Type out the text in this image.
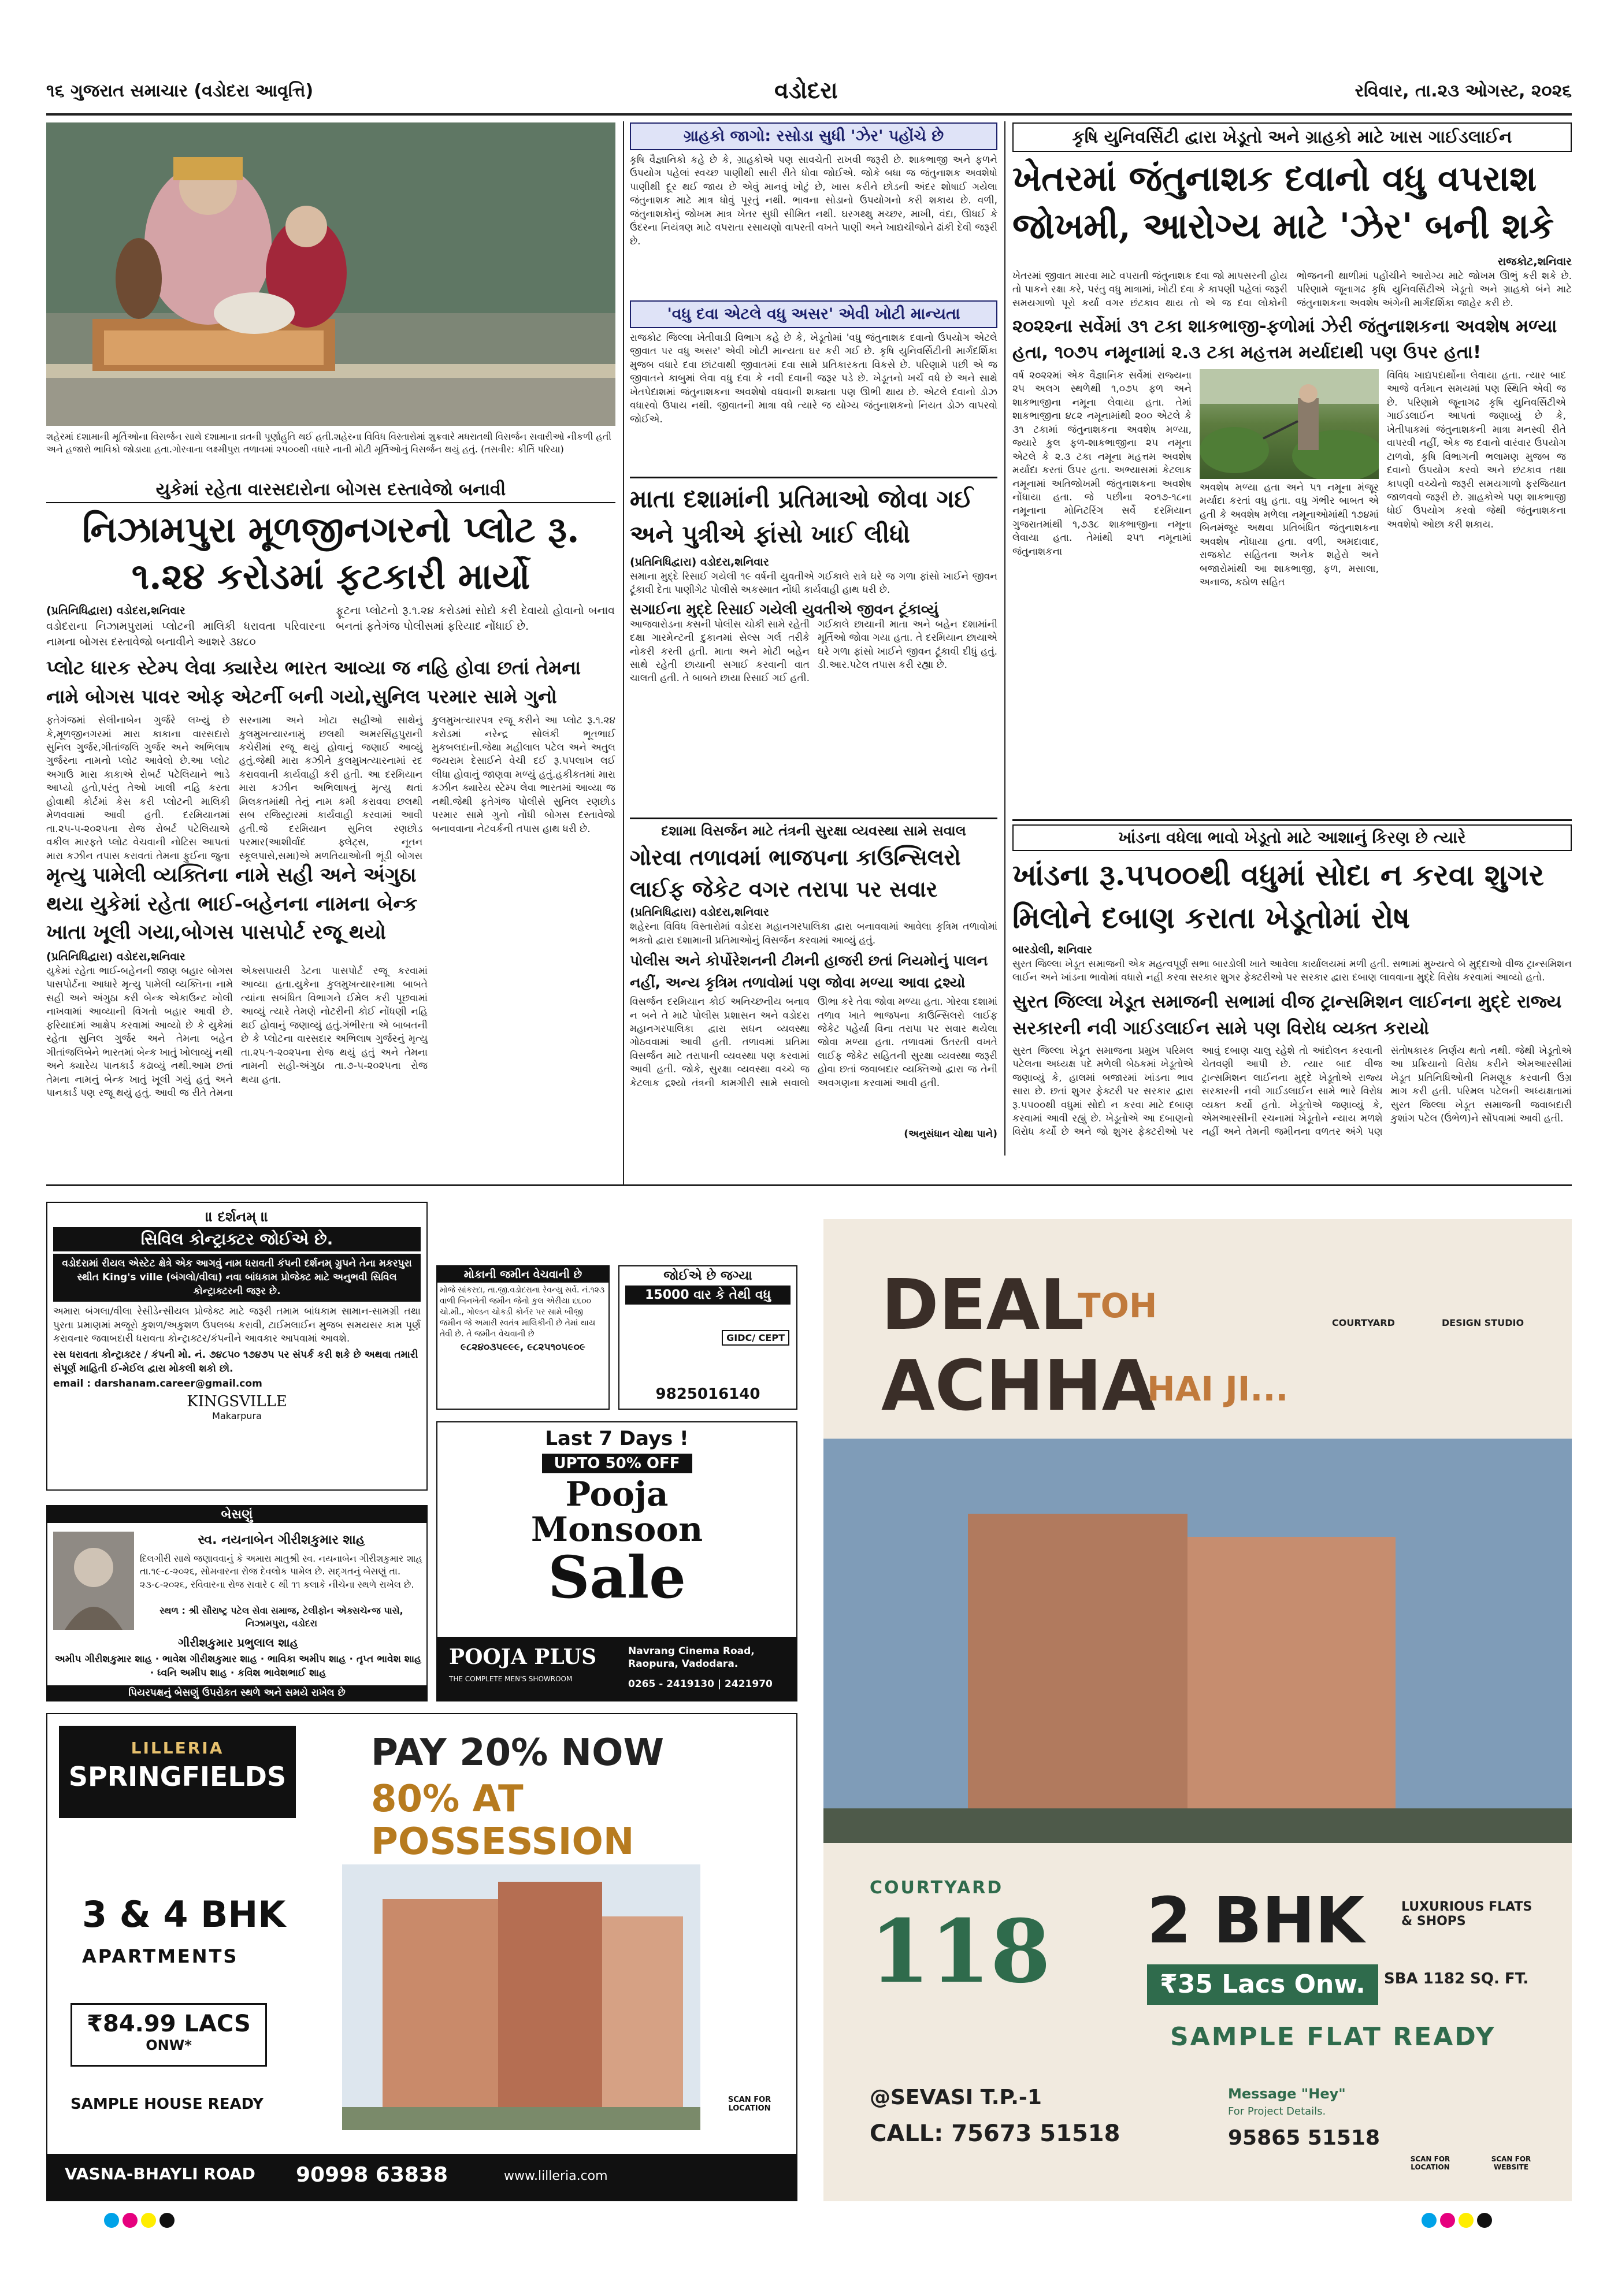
૧૬ ગુજરાત સમાચાર (વડોદરા આવૃત્તિ)	વડોદરા	રવિવાર, તા.૨૩ ઓગસ્ટ, ૨૦૨૬
શહેરમાં દશામાની મૂર્તિઓના વિસર્જન સાથે દશામાના વ્રતની પૂર્ણાહુતિ થઈ હતી.શહેરના વિવિધ વિસ્તારોમાં શુક્રવારે મધરાતથી વિસર્જન સવારીઓ નીકળી હતી અને હજારો ભાવિકો જોડાયા હતા.ગોરવાના લક્ષ્મીપુરા તળાવમાં ૨૫૦૦થી વધારે નાની મોટી મૂર્તિઓનું વિસર્જન થયું હતું. (તસવીર: કીર્તિ પરિયા)
યુકેમાં રહેતા વારસદારોના બોગસ દસ્તાવેજો બનાવી
નિઝામપુરા મૂળજીનગરનો પ્લોટ રૂ. ૧.૨૪ કરોડમાં ફટકારી માર્યો
(પ્રતિનિધિદ્વારા) વડોદરા,શનિવાર
વડોદરાના નિઝામપુરામાં પ્લોટની માલિકી ધરાવતા પરિવારના નામના બોગસ દસ્તાવેજો બનાવીને આશરે ૩૪૮૦
ફૂટના પ્લોટનો રૂ.૧.૨૪ કરોડમાં સોદો કરી દેવાયો હોવાનો બનાવ બનતાં ફતેગંજ પોલીસમાં ફરિયાદ નોંધાઈ છે.
પ્લોટ ધારક સ્ટેમ્પ લેવા ક્યારેય ભારત આવ્યા જ નહિ હોવા છતાં તેમના નામે બોગસ પાવર ઓફ એટર્ની બની ગયો,સુનિલ પરમાર સામે ગુનો
ફતેગંજમાં સેલીનાબેન ગુર્જરે લખ્યું છે કે,મૂળજીનગરમાં મારા કાકાના વારસદારો સુનિલ ગુર્જર,ગીતાંજલિ ગુર્જર અને અભિલાષ ગુર્જરના નામનો પ્લોટ આવેલો છે.આ પ્લોટ અગાઉ મારા કાકાએ રોબર્ટ પટેલિયાને ભાડે આપ્યો હતો,પરંતુ તેઓ ખાલી નહિ કરતા હોવાથી કોર્ટમાં કેસ કરી પ્લોટની માલિકી મેળવવામાં આવી હતી. દરમિયાનમાં તા.૨૫-૫-૨૦૨૫ના રોજ રોબર્ટ પટેલિયાએ વકીલ મારફતે પ્લોટ વેચવાની નોટિસ આપતાં મારા કઝીન તપાસ કરાવતાં તેમના ફુઈના જુના સરનામા અને ખોટા સહીઓ સાથેનું કુલમુખત્યારનામું છલથી અમરસિંહપુરાની કચેરીમાં રજૂ થયું હોવાનું જણાઈ આવ્યું હતું.જેથી મારા કઝીને કુલમુખત્યારનામાં રદ કરાવવાની કાર્યવાહી કરી હતી. આ દરમિયાન મારા કઝીન અભિલાષનું મૃત્યુ થતાં મિલકતમાંથી તેનું નામ કમી કરાવવા છલથી સબ રજિસ્ટ્રારમાં કાર્યવાહી કરવામાં આવી હતી.જે દરમિયાન સુનિલ રણછોડ પરમાર(આશીર્વાદ ફ્લેટ્સ, નૂતન સ્કૂલપાસે,સમા)એ મળતિયાઓની ભૂંડી બોગસ કુલમુખત્યારપત્ર રજૂ કરીને આ પ્લોટ રૂ.૧.૨૪ કરોડમાં નરેન્દ્ર સોલંકી ભૂતભાઈ મુકબલદાની.જેથા મહીલાલ પટેલ અને અતુલ જયરામ દેસાઈને વેચી દઈ રૂ.૫૫લાખ લઈ લીધા હોવાનું જાણવા મળ્યું હતું.હકીકતમાં મારા કઝીન ક્યારેય સ્ટેમ્પ લેવા ભારતમાં આવ્યા જ નથી.જેથી ફતેગંજ પોલીસે સુનિલ રણછોડ પરમાર સામે ગુનો નોંધી બોગસ દસ્તાવેજો બનાવવાના નેટવર્કની તપાસ હાથ ધરી છે.
મૃત્યુ પામેલી વ્યક્તિના નામે સહી અને અંગુઠા થયા યુકેમાં રહેતા ભાઈ-બહેનના નામના બેન્ક ખાતા ખૂલી ગયા,બોગસ પાસપોર્ટ રજૂ થયો
(પ્રતિનિધિદ્વારા) વડોદરા,શનિવાર
યુકેમાં રહેતા ભાઈ-બહેનની જાણ બહાર બોગસ પાસપોર્ટના આધારે મૃત્યુ પામેલી વ્યક્તિના નામે સહી અને અંગુઠા કરી બેન્ક એકાઉન્ટ ખોલી નાખવામાં આવ્યાની વિગતો બહાર આવી છે. ફરિયાદમાં આક્ષેપ કરવામાં આવ્યો છે કે યુકેમાં રહેતા સુનિલ ગુર્જર અને તેમના બહેન ગીતાંજલિબેને ભારતમાં બેન્ક ખાતું ખોલાવ્યું નથી અને ક્યારેય પાનકાર્ડ કઢાવ્યું નથી.આમ છતાં તેમના નામનું બેન્ક ખાતું ખૂલી ગયું હતું અને પાનકાર્ડ પણ રજૂ થયું હતું. આવી જ રીતે તેમના એક્સપાયરી ડેટના પાસપોર્ટ રજૂ કરવામાં આવ્યા હતા.યુકેના કુલમુખત્યારનામા બાબતે ત્યાંના સબંધિત વિભાગને ઈમેલ કરી પૂછવામાં આવ્યું ત્યારે તેમણે નોટરીની કોઈ નોંધણી નહિ થઈ હોવાનું જણાવ્યું હતું.ગંભીરતા એ બાબતની છે કે પ્લોટના વારસદાર અભિલાષ ગુર્જરનું મૃત્યુ તા.૨૫-૧-૨૦૨૫ના રોજ થયું હતું અને તેમના નામની સહી-અંગુઠા તા.૭-૫-૨૦૨૫ના રોજ થયા હતા.
ગ્રાહકો જાગો: રસોડા સુધી 'ઝેર' પહોંચે છે
કૃષિ વૈજ્ઞાનિકો કહે છે કે, ગ્રાહકોએ પણ સાવચેતી રાખવી જરૂરી છે. શાકભાજી અને ફળને ઉપયોગ પહેલાં સ્વચ્છ પાણીથી સારી રીતે ધોવા જોઈએ. જોકે બધા જ જંતુનાશક અવશેષો પાણીથી દૂર થઈ જાય છે એવું માનવું ખોટું છે, ખાસ કરીને છોડની અંદર શોષાઈ ગયેલા જંતુનાશક માટે માત્ર ધોવું પૂરતું નથી. ભાવના સોડાનો ઉપયોગનો કરી શકાય છે. વળી, જંતુનાશકોનું જોખમ માત્ર ખેતર સુધી સીમિત નથી. ઘરગથ્થુ મચ્છર, માખી, વંદા, ઊધઈ કે ઉંદરના નિયંત્રણ માટે વપરાતા રસાયણો વાપરતી વખતે પાણી અને ખાદ્યચીજોને ઢાંકી દેવી જરૂરી છે.
'વધુ દવા એટલે વધુ અસર' એવી ખોટી માન્યતા
રાજકોટ જિલ્લા ખેતીવાડી વિભાગ કહે છે કે, ખેડૂતોમાં 'વધુ જંતુનાશક દવાનો ઉપયોગ એટલે જીવાત પર વધુ અસર' એવી ખોટી માન્યતા ઘર કરી ગઈ છે. કૃષિ યુનિવર્સિટીની માર્ગદર્શિકા મુજબ વધારે દવા છાંટવાથી જીવાતમાં દવા સામે પ્રતિકારકતા વિકસે છે. પરિણામે પછી એ જ જીવાતને કાબુમાં લેવા વધુ દવા કે નવી દવાની જરૂર પડે છે. ખેડૂતનો ખર્ચ વધે છે અને સાથે ખેતપેદાશમાં જંતુનાશકના અવશેષો વધવાની શક્યતા પણ ઊભી થાય છે. એટલે દવાનો ડોઝ વધારવો ઉપાય નથી. જીવાતની માત્રા વધે ત્યારે જ યોગ્ય જંતુનાશકનો નિયત ડોઝ વાપરવો જોઈએ.
માતા દશામાંની પ્રતિમાઓ જોવા ગઈ અને પુત્રીએ ફાંસો ખાઈ લીધો
(પ્રતિનિધિદ્વારા) વડોદરા,શનિવાર
સમાના મુદ્દે રિસાઈ ગયેલી ૧૯ વર્ષની યુવતીએ ગઈકાલે રાત્રે ઘરે જ ગળા ફાંસો ખાઈને જીવન ટૂંકાવી દેતા પાણીગેટ પોલીસે અકસ્માત નોંધી કાર્યવાહી હાથ ધરી છે.
સગાઈના મુદ્દે રિસાઈ ગયેલી યુવતીએ જીવન ટૂંકાવ્યું
આજવારોડના કસની પોલીસ ચોકી સામે રહેતી દક્ષા ગારમેન્ટની દુકાનમાં સેલ્સ ગર્લ તરીકે નોકરી કરતી હતી. માતા અને મોટી બહેન સાથે રહેતી છાયાની સગાઈ કરવાની વાત ચાલતી હતી. તે બાબતે છાયા રિસાઈ ગઈ હતી. ગઈકાલે છાયાની માતા અને બહેન દશામાંની મૂર્તિઓ જોવા ગયા હતા. તે દરમિયાન છાયાએ ઘરે ગળા ફાંસો ખાઈને જીવન ટૂંકાવી દીધું હતું. ડી.આર.પટેલ તપાસ કરી રહ્યા છે.
દશામા વિસર્જન માટે તંત્રની સુરક્ષા વ્યવસ્થા સામે સવાલ
ગોરવા તળાવમાં ભાજપના કાઉન્સિલરો લાઈફ જેકેટ વગર તરાપા પર સવાર
(પ્રતિનિધિદ્વારા) વડોદરા,શનિવાર
શહેરના વિવિધ વિસ્તારોમાં વડોદરા મહાનગરપાલિકા દ્વારા બનાવવામાં આવેલા કૃત્રિમ તળાવોમાં ભક્તો દ્વારા દશામાની પ્રતિમાઓનું વિસર્જન કરવામાં આવ્યું હતું.
પોલીસ અને કોર્પોરેશનની ટીમની હાજરી છતાં નિયમોનું પાલન નહીં, અન્ય કૃત્રિમ તળાવોમાં પણ જોવા મળ્યા આવા દ્રશ્યો
વિસર્જન દરમિયાન કોઈ અનિચ્છનીય બનાવ ન બને તે માટે પોલીસ પ્રશાસન અને વડોદરા મહાનગરપાલિકા દ્વારા સઘન વ્યવસ્થા ગોઠવવામાં આવી હતી. તળાવમાં પ્રતિમા વિસર્જન માટે તરાપાની વ્યવસ્થા પણ કરવામાં આવી હતી. જોકે, સુરક્ષા વ્યવસ્થા વચ્ચે જ કેટલાક દ્રશ્યો તંત્રની કામગીરી સામે સવાલો ઊભા કરે તેવા જોવા મળ્યા હતા. ગોરવા દશામાં તળાવ ખાતે ભાજપના કાઉન્સિલરો લાઈફ જેકેટ પહેર્યા વિના તરાપા પર સવાર થયેલા જોવા મળ્યા હતા. તળાવમાં ઉતરતી વખતે લાઈફ જેકેટ સહિતની સુરક્ષા વ્યવસ્થા જરૂરી હોવા છતાં જવાબદાર વ્યક્તિઓ દ્વારા જ તેની અવગણના કરવામાં આવી હતી.
(અનુસંધાન ચોથા પાને)
કૃષિ યુનિવર્સિટી દ્વારા ખેડૂતો અને ગ્રાહકો માટે ખાસ ગાઈડલાઈન
ખેતરમાં જંતુનાશક દવાનો વધુ વપરાશ જોખમી, આરોગ્ય માટે 'ઝેર' બની શકે
રાજકોટ,શનિવાર
ખેતરમાં જીવાત મારવા માટે વપરાતી જંતુનાશક દવા જો માપસરની હોય તો પાકને રક્ષા કરે, પરંતુ વધુ માત્રામાં, ખોટી દવા કે કાપણી પહેલાં જરૂરી સમયગાળો પૂરો કર્યા વગર છંટકાવ થાય તો એ જ દવા લોકોની ભોજનની થાળીમાં પહોંચીને આરોગ્ય માટે જોખમ ઊભું કરી શકે છે. પરિણામે જૂનાગઢ કૃષિ યુનિવર્સિટીએ ખેડૂતો અને ગ્રાહકો બંને માટે જંતુનાશકના અવશેષ અંગેની માર્ગદર્શિકા જાહેર કરી છે.
૨૦૨૨ના સર્વેમાં ૩૧ ટકા શાકભાજી-ફળોમાં ઝેરી જંતુનાશકના અવશેષ મળ્યા હતા, ૧૦૭૫ નમૂનામાં ૨.૩ ટકા મહત્તમ મર્યાદાથી પણ ઉપર હતા!
વર્ષ ૨૦૨૨માં એક વૈજ્ઞાનિક સર્વેમાં રાજ્યના ૨૫ અલગ સ્થળેથી ૧,૦૭૫ ફળ અને શાકભાજીના નમૂના લેવાયા હતા. તેમાં શાકભાજીના ૪૮૨ નમૂનામાંથી ૨૦૦ એટલે કે ૩૧ ટકામાં જંતુનાશકના અવશેષ મળ્યા, જ્યારે કુલ ફળ-શાકભાજીના ૨૫ નમૂના એટલે કે ૨.૩ ટકા નમૂના મહત્તમ અવશેષ મર્યાદા કરતાં ઉપર હતા. અભ્યાસમાં કેટલાક નમૂનામાં અતિજોખમી જંતુનાશકના અવશેષ નોંધાયા હતા. જે પછીના ૨૦૧૭-૧૮ના નમૂનાના મોનિટરિંગ સર્વે દરમિયાન ગુજરાતમાંથી ૧,૭૩૮ શાકભાજીના નમૂના લેવાયા હતા. તેમાંથી ૨૫૧ નમૂનામાં જંતુનાશકના
અવશેષ મળ્યા હતા અને ૫૧ નમૂના મંજૂર મર્યાદા કરતાં વધુ હતા. વધુ ગંભીર બાબત એ હતી કે અવશેષ મળેલા નમૂનાઓમાંથી ૧૭૪માં બિનમંજૂર અથવા પ્રતિબંધિત જંતુનાશકના અવશેષ નોંધાયા હતા. વળી, અમદાવાદ, રાજકોટ સહિતના અનેક શહેરો અને બજારોમાંથી આ શાકભાજી, ફળ, મસાલા, અનાજ, કઠોળ સહિત
વિવિધ ખાદ્યપદાર્થોના લેવાયા હતા. ત્યાર બાદ આજે વર્તમાન સમયમાં પણ સ્થિતિ એવી જ છે. પરિણામે જૂનાગઢ કૃષિ યુનિવર્સિટીએ ગાઈડલાઈન આપતાં જણાવ્યું છે કે, ખેતીપાકમાં જંતુનાશકની માત્રા મનસ્વી રીતે વાપરવી નહીં, એક જ દવાનો વારંવાર ઉપયોગ ટાળવો, કૃષિ વિભાગની ભલામણ મુજબ જ દવાનો ઉપયોગ કરવો અને છંટકાવ તથા કાપણી વચ્ચેનો જરૂરી સમયગાળો ફરજિયાત જાળવવો જરૂરી છે. ગ્રાહકોએ પણ શાકભાજી ધોઈ ઉપયોગ કરવો જેથી જંતુનાશકના અવશેષો ઓછા કરી શકાય.
ખાંડના વધેલા ભાવો ખેડૂતો માટે આશાનું કિરણ છે ત્યારે
ખાંડના રૂ.૫૫૦૦થી વધુમાં સોદા ન કરવા શુગર મિલોને દબાણ કરાતા ખેડૂતોમાં રોષ
બારડોલી, શનિવાર
સુરત જિલ્લા ખેડૂત સમાજની એક મહત્વપૂર્ણ સભા બારડોલી ખાતે આવેલા કાર્યાલયમાં મળી હતી. સભામાં મુખ્યત્વે બે મુદ્દાઓ વીજ ટ્રાન્સમિશન લાઈન અને ખાંડના ભાવોમાં વધારો નહી કરવા સરકાર શુગર ફેક્ટરીઓ પર સરકાર દ્વારા દબાણ લાવવાના મુદ્દે વિરોધ કરવામાં આવ્યો હતો.
સુરત જિલ્લા ખેડૂત સમાજની સભામાં વીજ ટ્રાન્સમિશન લાઈનના મુદ્દે રાજ્ય સરકારની નવી ગાઈડલાઈન સામે પણ વિરોધ વ્યક્ત કરાયો
સુરત જિલ્લા ખેડૂત સમાજના પ્રમુખ પરિમલ પટેલના અધ્યક્ષ પદે મળેલી બેઠકમાં ખેડૂતોએ જણાવ્યું કે, હાલમાં બજારમાં ખાંડના ભાવ સારા છે. છતાં શુગર ફેક્ટરી પર સરકાર દ્વારા રૂ.૫૫૦૦થી વધુમાં સોદો ન કરવા માટે દબાણ કરવામાં આવી રહ્યું છે. ખેડૂતોએ આ દબાણનો વિરોધ કર્યો છે અને જો શુગર ફેક્ટરીઓ પર આવું દબાણ ચાલુ રહેશે તો આંદોલન કરવાની ચેતવણી આપી છે. ત્યાર બાદ વીજ ટ્રાન્સમિશન લાઈનના મુદ્દે ખેડૂતોએ રાજ્ય સરકારની નવી ગાઈડલાઈન સામે ભારે વિરોધ વ્યક્ત કર્યો હતો. ખેડૂતોએ જણાવ્યું કે, એમઆરસીની રચનામાં ખેડૂતોને ન્યાય મળશે નહીં અને તેમની જમીનના વળતર અંગે પણ સંતોષકારક નિર્ણય થતો નથી. જેથી ખેડૂતોએ આ પ્રક્રિયાનો વિરોધ કરીને એમઆરસીમાં ખેડૂત પ્રતિનિધિઓની નિમણૂક કરવાની ઉગ્ર માગ કરી હતી. પરિમલ પટેલની અધ્યક્ષતામાં સુરત જિલ્લા ખેડૂત સમાજની જવાબદારી કુશાંગ પટેલ (ઉંભેળ)ને સોંપવામાં આવી હતી.
॥ દર્શનમ્ ॥
સિવિલ કોન્ટ્રાક્ટર જોઈએ છે.
વડોદરામાં રીયલ એસ્ટેટ ક્ષેત્રે એક આગવું નામ ધરાવતી કંપની દર્શનમ્ ગ્રુપને તેના મકરપુરા સ્થીત King's ville (બંગલો/વીલા) નવા બાંધકામ પ્રોજેક્ટ માટે અનુભવી સિવિલ કોન્ટ્રાક્ટરની જરૂર છે.
અમારા બંગલા/વીલા રેસીડેન્સીયલ પ્રોજેક્ટ માટે જરૂરી તમામ બાંધકામ સામાન-સામગ્રી તથા પુરતા પ્રમાણમાં મજૂરો કુશળ/અકુશળ ઉપલબ્ધ કરાવી, ટાઈમલાઈન મુજબ સમયસર કામ પૂર્ણ કરાવનાર જવાબદારી ધરાવતા કોન્ટ્રાક્ટર/કંપનીને આવકાર આપવામાં આવશે.
રસ ધરાવતા કોન્ટ્રાક્ટર / કંપની મો. નં. ૭૪૮૫૦ ૧૭૪૭૫ પર સંપર્ક કરી શકે છે અથવા તમારી સંપૂર્ણ માહિતી ઈ-મેઈલ દ્વારા મોકલી શકો છો.
email : darshanam.career@gmail.com
KINGSVILLE
Makarpura
બેસણું
સ્વ. નયનાબેન ગીરીશકુમાર શાહ
દિલગીરી સાથે જણાવવાનું કે અમારા માતુશ્રી સ્વ. નયનાબેન ગીરીશકુમાર શાહ તા.૧૯-૮-૨૦૨૬, સોમવારના રોજ દેવલોક પામેલ છે. સદ્ગતનું બેસણું તા. ૨૩-૮-૨૦૨૬, રવિવારના રોજ સવારે ૯ થી ૧૧ કલાકે નીચેના સ્થળે રાખેલ છે.
સ્થળ : શ્રી સૌરાષ્ટ્ર પટેલ સેવા સમાજ, ટેલીફોન એક્સચેન્જ પાસે, નિઝામપુરા, વડોદરા
ગીરીશકુમાર પ્રભુલાલ શાહ
અમીપ ગીરીશકુમાર શાહ · ભાવેશ ગીરીશકુમાર શાહ · ભાવિકા અમીપ શાહ · તૃપ્ત ભાવેશ શાહ · ધ્વનિ અમીપ શાહ · કવિશ ભાવેશભાઈ શાહ
પિયરપક્ષનું બેસણું ઉપરોકત સ્થળે અને સમયે રાખેલ છે
મોકાની જમીન વેચવાની છે
મોજે સાંકરદા, તા.જી.વડોદરાના રેવન્યુ સર્વે. નં.૧૨૩ વાળી બિનખેતી જમીન જેનો કુલ એરીયા ૬૬૦૦ ચો.મી., ગોલ્ડન ચોકડી કોર્નર પર સામે બીજી જમીન જે અમારી સ્વતંત્ર માલિકીની છે તેમાં થાય તેવી છે. તે જમીન વેચવાની છે
૯૮૨૪૦૩૫૯૯૯, ૯૮૨૫૧૦૫૯૦૯
જોઈએ છે જગ્યા
15000 વાર કે તેથી વધુ
GIDC/ CEPT
9825016140
Last 7 Days !
UPTO 50% OFF
Pooja
Monsoon
Sale
POOJA PLUS
THE COMPLETE MEN'S SHOWROOM
Navrang Cinema Road, Raopura, Vadodara.
0265 - 2419130 | 2421970
LILLERIA
SPRINGFIELDS
PAY 20% NOW
80% AT POSSESSION
3 & 4 BHK
APARTMENTS
₹84.99 LACS
ONW*
SAMPLE HOUSE READY	SCAN FOR LOCATION
VASNA-BHAYLI ROAD	90998 63838	www.lilleria.com
DEAL
TOH
ACHHA
HAI JI...
COURTYARD	DESIGN STUDIO
COURTYARD
118 2 BHK	LUXURIOUS FLATS & SHOPS
₹35 Lacs Onw.	SBA 1182 SQ. FT.
SAMPLE FLAT READY
@SEVASI T.P.-1
CALL: 75673 51518
Message "Hey"
For Project Details.
95865 51518
SCAN FOR LOCATION
SCAN FOR WEBSITE
